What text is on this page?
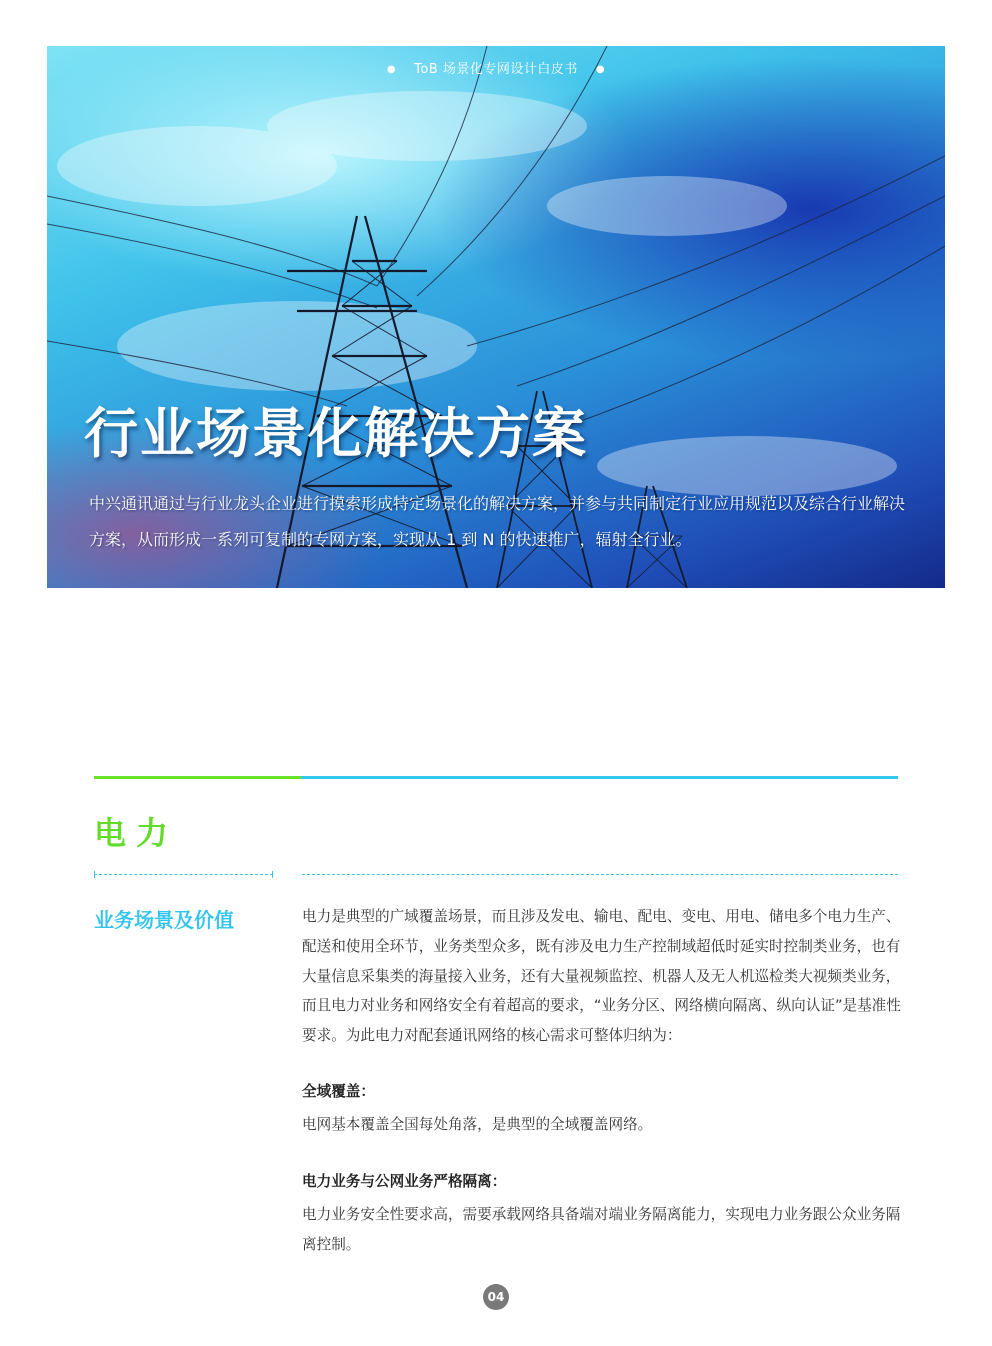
● ToB 场景化专网设计白皮书 ●
行业场景化解决方案
中兴通讯通过与行业龙头企业进行摸索形成特定场景化的解决方案，并参与共同制定行业应用规范以及综合行业解决方案，从而形成一系列可复制的专网方案，实现从 1 到 N 的快速推广，辐射全行业。
电力
业务场景及价值	电力是典型的广域覆盖场景，而且涉及发电、输电、配电、变电、用电、储电多个电力生产、配送和使用全环节，业务类型众多，既有涉及电力生产控制域超低时延实时控制类业务，也有大量信息采集类的海量接入业务，还有大量视频监控、机器人及无人机巡检类大视频类业务，而且电力对业务和网络安全有着超高的要求，“业务分区、网络横向隔离、纵向认证”是基准性要求。为此电力对配套通讯网络的核心需求可整体归纳为：

全域覆盖：
电网基本覆盖全国每处角落，是典型的全域覆盖网络。
电力业务与公网业务严格隔离：
电力业务安全性要求高，需要承载网络具备端对端业务隔离能力，实现电力业务跟公众业务隔离控制。
04
